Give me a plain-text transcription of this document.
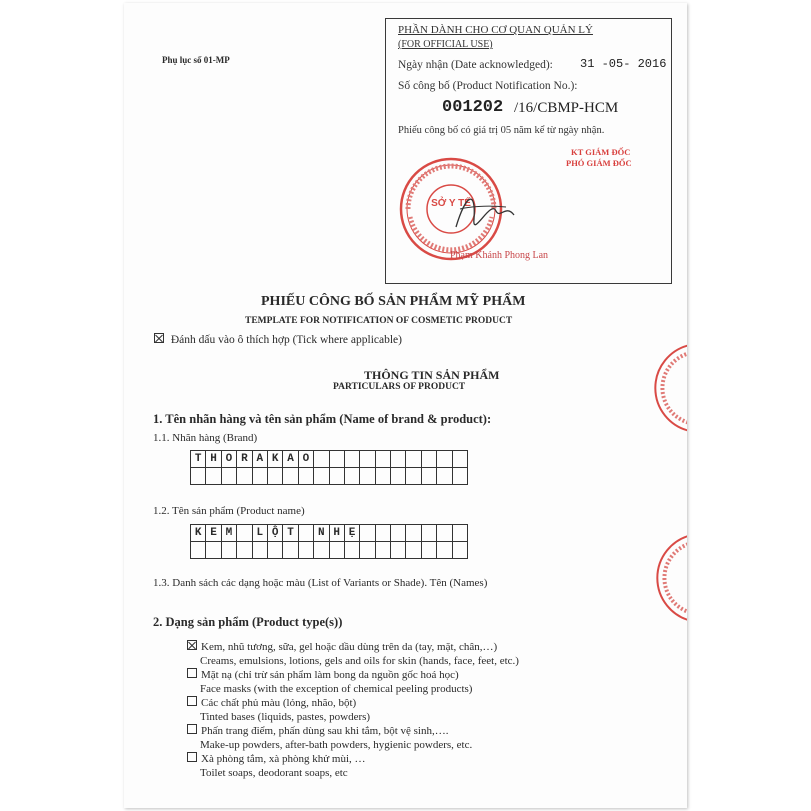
Phụ lục số 01-MP
PHẦN DÀNH CHO CƠ QUAN QUẢN LÝ
(FOR OFFICIAL USE)
Ngày nhận (Date acknowledged): 31 -05- 2016
Số công bố (Product Notification No.):
001202 /16/CBMP-HCM
Phiếu công bố có giá trị 05 năm kể từ ngày nhận.
SỞ Y TẾ
KT GIÁM ĐỐC
PHÓ GIÁM ĐỐC
Phạm Khánh Phong Lan
PHIẾU CÔNG BỐ SẢN PHẨM MỸ PHẨM
TEMPLATE FOR NOTIFICATION OF COSMETIC PRODUCT
Đánh dấu vào ô thích hợp (Tick where applicable)
THÔNG TIN SẢN PHẨM
PARTICULARS OF PRODUCT
1. Tên nhãn hàng và tên sản phẩm (Name of brand & product):
1.1. Nhãn hàng (Brand)
T H O R A K A O
1.2. Tên sản phẩm (Product name)
K E M	L Ộ T	N H Ẹ
1.3. Danh sách các dạng hoặc màu (List of Variants or Shade). Tên (Names)
2. Dạng sản phẩm (Product type(s))
Kem, nhũ tương, sữa, gel hoặc dầu dùng trên da (tay, mặt, chân,…)
Creams, emulsions, lotions, gels and oils for skin (hands, face, feet, etc.)
Mặt nạ (chỉ trừ sản phẩm làm bong da nguồn gốc hoá học)
Face masks (with the exception of chemical peeling products)
Các chất phủ màu (lỏng, nhão, bột)
Tinted bases (liquids, pastes, powders)
Phấn trang điểm, phấn dùng sau khi tắm, bột vệ sinh,….
Make-up powders, after-bath powders, hygienic powders, etc.
Xà phòng tắm, xà phòng khử mùi, …
Toilet soaps, deodorant soaps, etc
